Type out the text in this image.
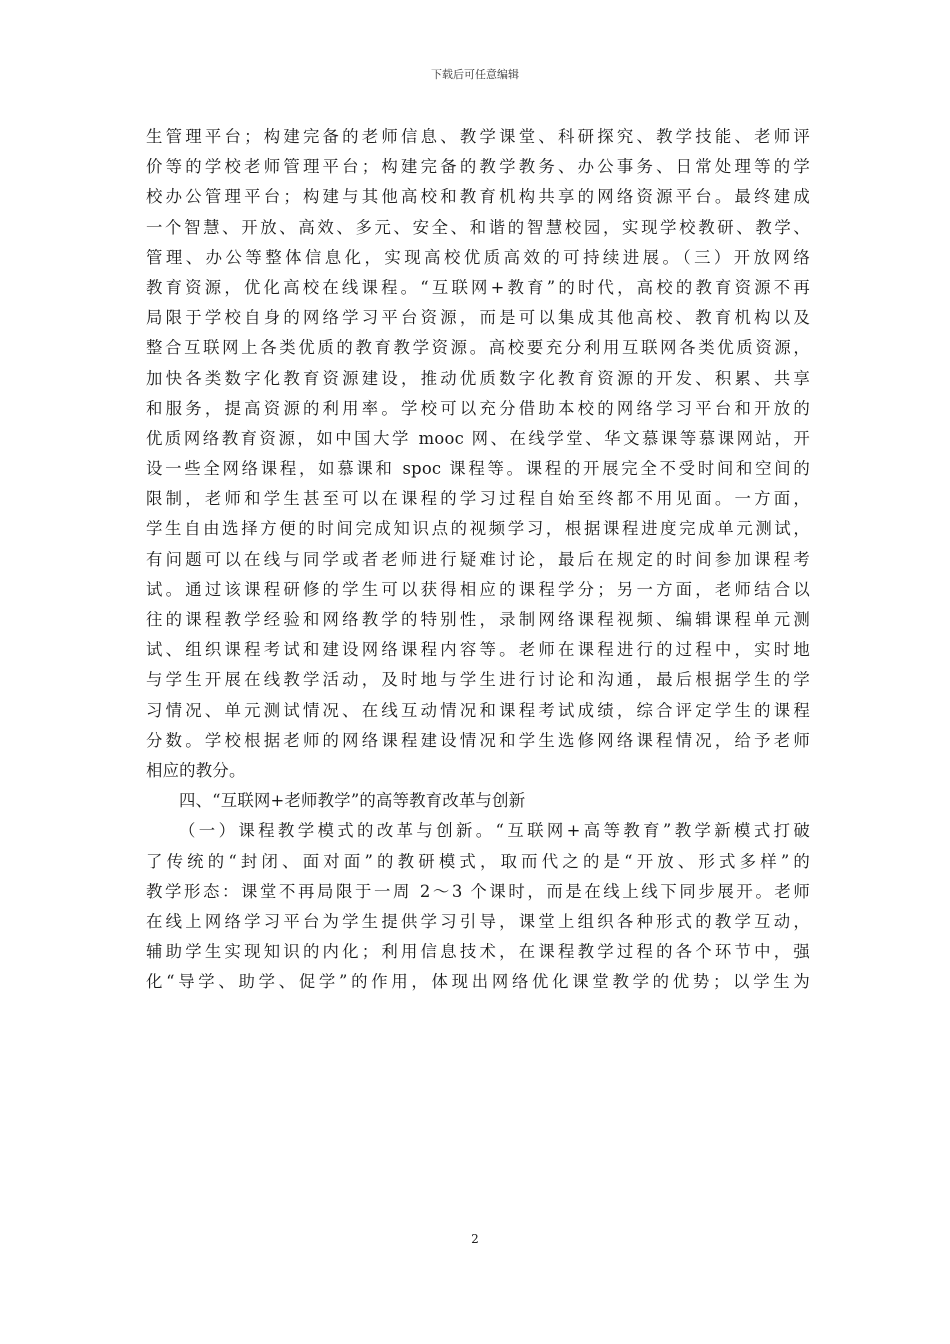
下载后可任意编辑
生管理平台；构建完备的老师信息、教学课堂、科研探究、教学技能、老师评
价等的学校老师管理平台；构建完备的教学教务、办公事务、日常处理等的学
校办公管理平台；构建与其他高校和教育机构共享的网络资源平台。最终建成
一个智慧、开放、高效、多元、安全、和谐的智慧校园，实现学校教研、教学、
管理、办公等整体信息化，实现高校优质高效的可持续进展。（三）开放网络
教育资源，优化高校在线课程。“互联网+教育”的时代，高校的教育资源不再
局限于学校自身的网络学习平台资源，而是可以集成其他高校、教育机构以及
整合互联网上各类优质的教育教学资源。高校要充分利用互联网各类优质资源，
加快各类数字化教育资源建设，推动优质数字化教育资源的开发、积累、共享
和服务，提高资源的利用率。学校可以充分借助本校的网络学习平台和开放的
优质网络教育资源，如中国大学 mooc 网、在线学堂、华文慕课等慕课网站，开
设一些全网络课程，如慕课和 spoc 课程等。课程的开展完全不受时间和空间的
限制，老师和学生甚至可以在课程的学习过程自始至终都不用见面。一方面，
学生自由选择方便的时间完成知识点的视频学习，根据课程进度完成单元测试，
有问题可以在线与同学或者老师进行疑难讨论，最后在规定的时间参加课程考
试。通过该课程研修的学生可以获得相应的课程学分；另一方面，老师结合以
往的课程教学经验和网络教学的特别性，录制网络课程视频、编辑课程单元测
试、组织课程考试和建设网络课程内容等。老师在课程进行的过程中，实时地
与学生开展在线教学活动，及时地与学生进行讨论和沟通，最后根据学生的学
习情况、单元测试情况、在线互动情况和课程考试成绩，综合评定学生的课程
分数。学校根据老师的网络课程建设情况和学生选修网络课程情况，给予老师
相应的教分。
四、“互联网+老师教学”的高等教育改革与创新
（一）课程教学模式的改革与创新。“互联网+高等教育”教学新模式打破
了传统的“封闭、面对面”的教研模式，取而代之的是“开放、形式多样”的
教学形态：课堂不再局限于一周 2～3 个课时，而是在线上线下同步展开。老师
在线上网络学习平台为学生提供学习引导，课堂上组织各种形式的教学互动，
辅助学生实现知识的内化；利用信息技术，在课程教学过程的各个环节中，强
化“导学、助学、促学”的作用，体现出网络优化课堂教学的优势；以学生为
2
